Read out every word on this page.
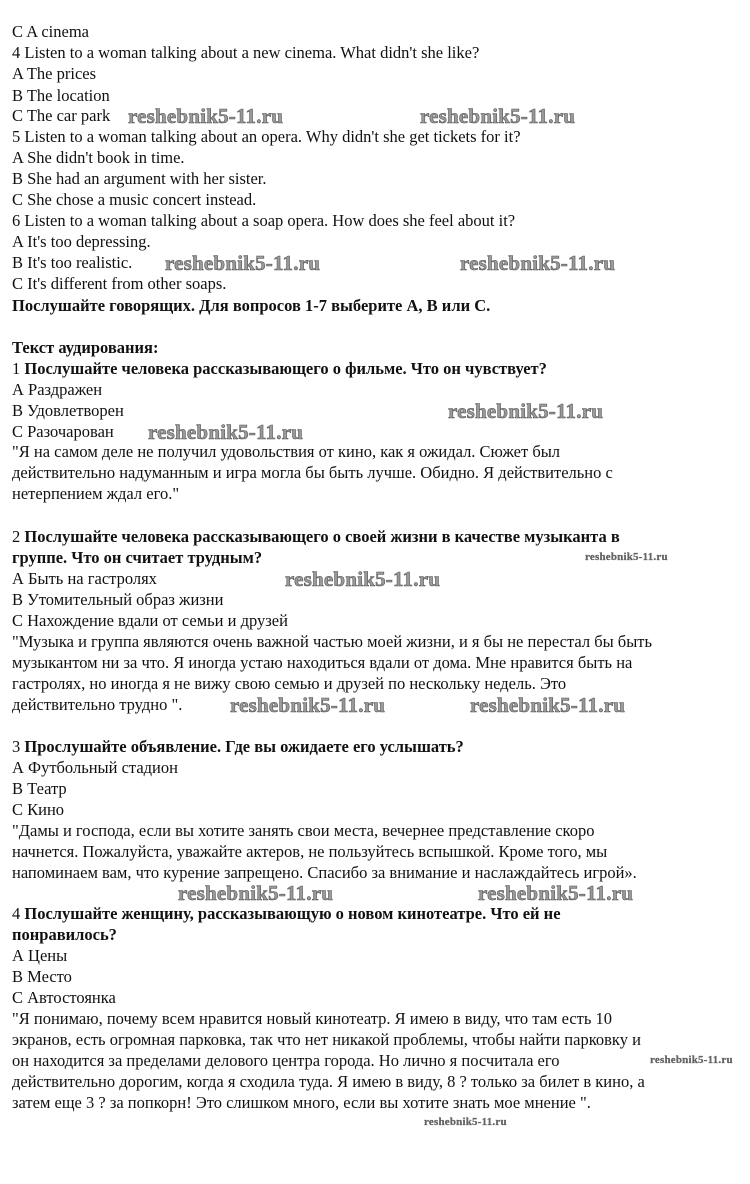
C A cinema
4 Listen to a woman talking about a new cinema. What didn't she like?
A The prices
B The location
C The car park
5 Listen to a woman talking about an opera. Why didn't she get tickets for it?
A She didn't book in time.
B She had an argument with her sister.
C She chose a music concert instead.
6 Listen to a woman talking about a soap opera. How does she feel about it?
A It's too depressing.
B It's too realistic.
C It's different from other soaps.
Послушайте говорящих. Для вопросов 1-7 выберите A, B или C.
Текст аудирования:
1 Послушайте человека рассказывающего о фильме. Что он чувствует?
А Раздражен
В Удовлетворен
С Разочарован
"Я на самом деле не получил удовольствия от кино, как я ожидал. Сюжет был
действительно надуманным и игра могла бы быть лучше. Обидно. Я действительно с
нетерпением ждал его."
2 Послушайте человека рассказывающего о своей жизни в качестве музыканта в
группе. Что он считает трудным?
А Быть на гастролях
В Утомительный образ жизни
С Нахождение вдали от семьи и друзей
"Музыка и группа являются очень важной частью моей жизни, и я бы не перестал бы быть
музыкантом ни за что. Я иногда устаю находиться вдали от дома. Мне нравится быть на
гастролях, но иногда я не вижу свою семью и друзей по нескольку недель. Это
действительно трудно ".
3 Прослушайте объявление. Где вы ожидаете его услышать?
А Футбольный стадион
В Театр
С Кино
"Дамы и господа, если вы хотите занять свои места, вечернее представление скоро
начнется. Пожалуйста, уважайте актеров, не пользуйтесь вспышкой. Кроме того, мы
напоминаем вам, что курение запрещено. Спасибо за внимание и наслаждайтесь игрой».
4 Послушайте женщину, рассказывающую о новом кинотеатре. Что ей не
понравилось?
А Цены
В Место
С Автостоянка
"Я понимаю, почему всем нравится новый кинотеатр. Я имею в виду, что там есть 10
экранов, есть огромная парковка, так что нет никакой проблемы, чтобы найти парковку и
он находится за пределами делового центра города. Но лично я посчитала его
действительно дорогим, когда я сходила туда. Я имею в виду, 8 ? только за билет в кино, а
затем еще 3 ? за попкорн! Это слишком много, если вы хотите знать мое мнение ".
reshebnik5-11.ru	reshebnik5-11.ru
reshebnik5-11.ru	reshebnik5-11.ru
reshebnik5-11.ru
reshebnik5-11.ru
reshebnik5-11.ru
reshebnik5-11.ru
reshebnik5-11.ru	reshebnik5-11.ru
reshebnik5-11.ru	reshebnik5-11.ru
reshebnik5-11.ru
reshebnik5-11.ru
